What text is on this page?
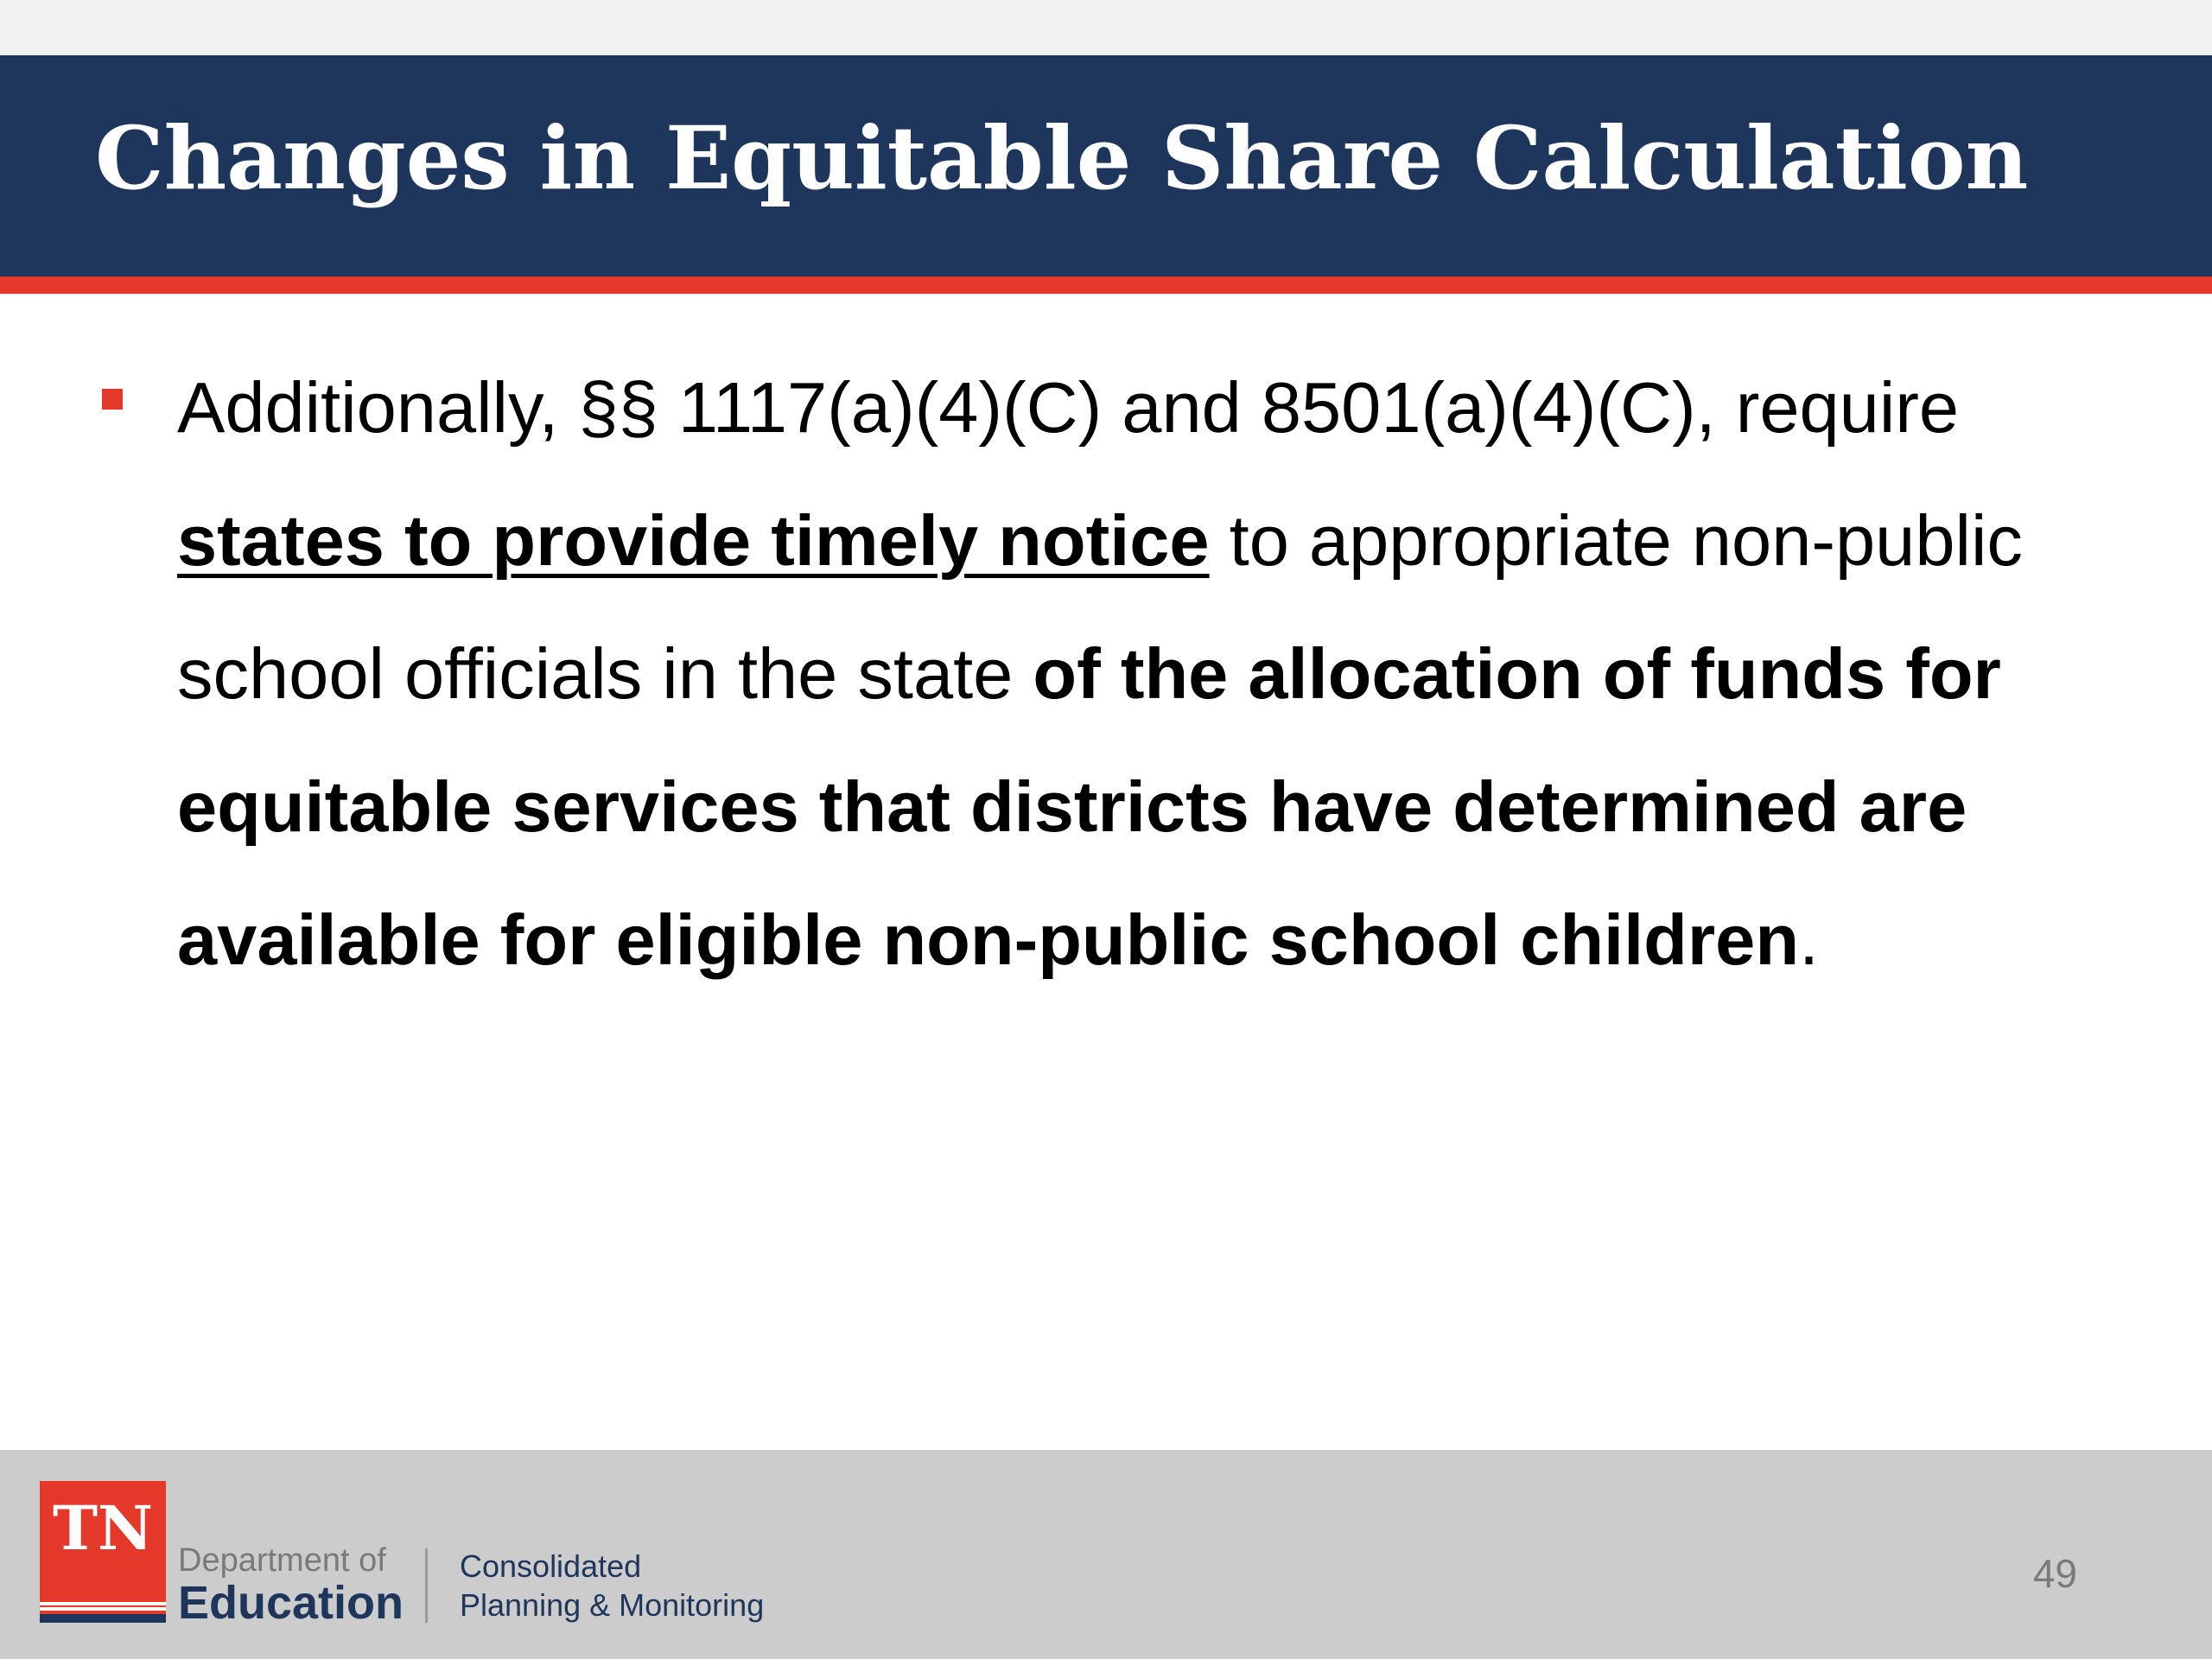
Changes in Equitable Share Calculation

Additionally, §§ 1117(a)(4)(C) and 8501(a)(4)(C), require states to provide timely notice to appropriate non-public school officials in the state of the allocation of funds for equitable services that districts have determined are available for eligible non-public school children.

TN Department of
Education
Consolidated
Planning & Monitoring
49
